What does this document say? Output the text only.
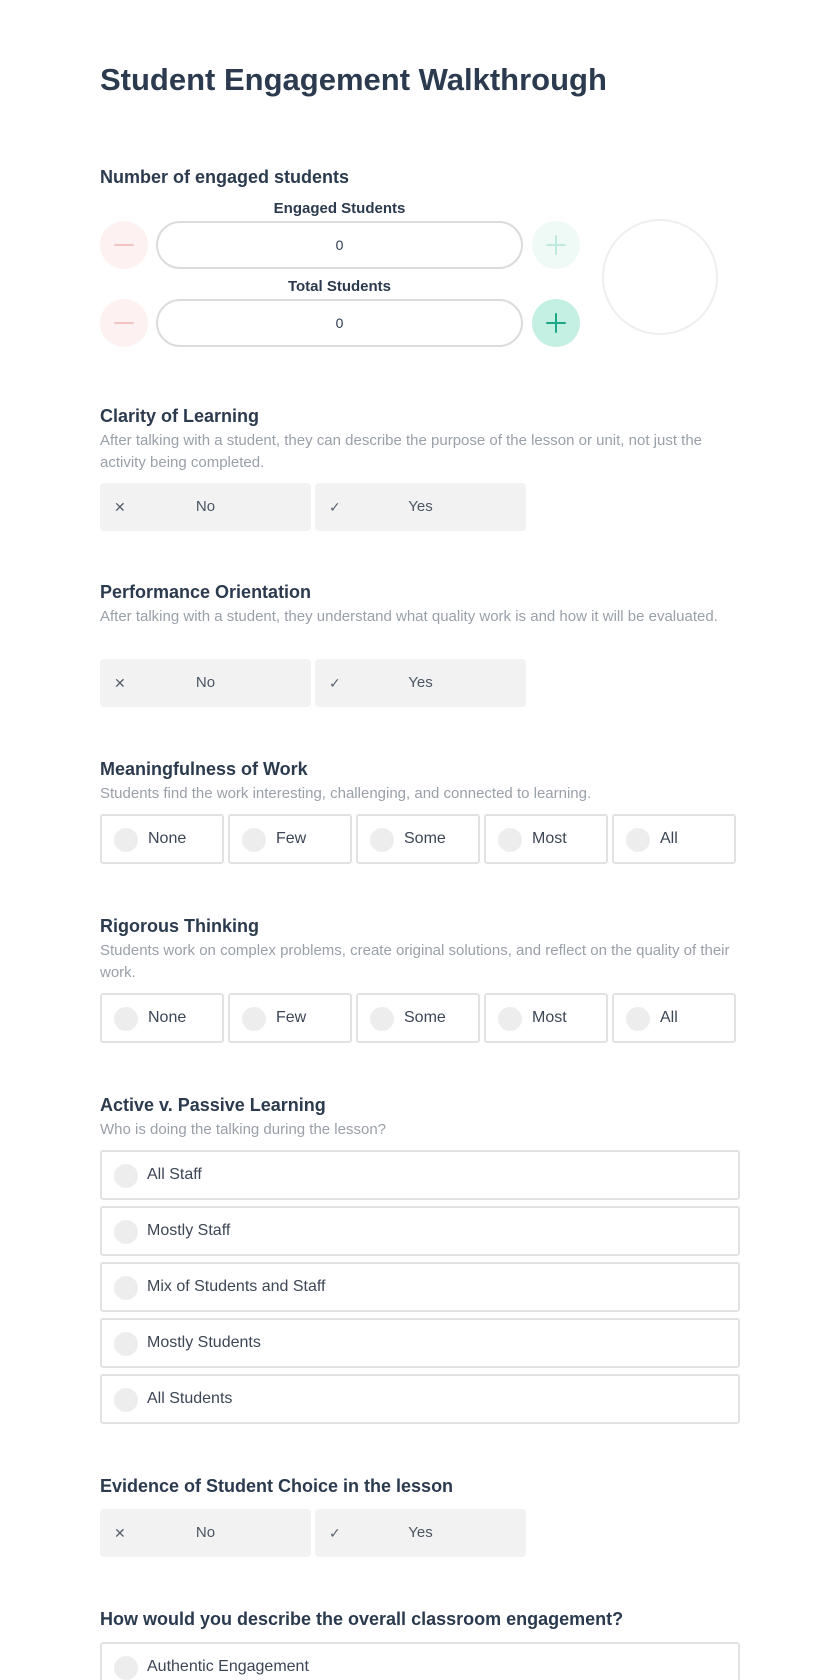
Student Engagement Walkthrough
Number of engaged students
Engaged Students
0
Total Students
0
Clarity of Learning
After talking with a student, they can describe the purpose of the lesson or unit, not just the activity being completed.
✕	No	✓	Yes
Performance Orientation
After talking with a student, they understand what quality work is and how it will be evaluated.
✕	No	✓	Yes
Meaningfulness of Work
Students find the work interesting, challenging, and connected to learning.
None	Few	Some	Most	All
Rigorous Thinking
Students work on complex problems, create original solutions, and reflect on the quality of their work.
None	Few	Some	Most	All
Active v. Passive Learning
Who is doing the talking during the lesson?
All Staff
Mostly Staff
Mix of Students and Staff
Mostly Students
All Students
Evidence of Student Choice in the lesson
✕	No	✓	Yes
How would you describe the overall classroom engagement?
Authentic Engagement
